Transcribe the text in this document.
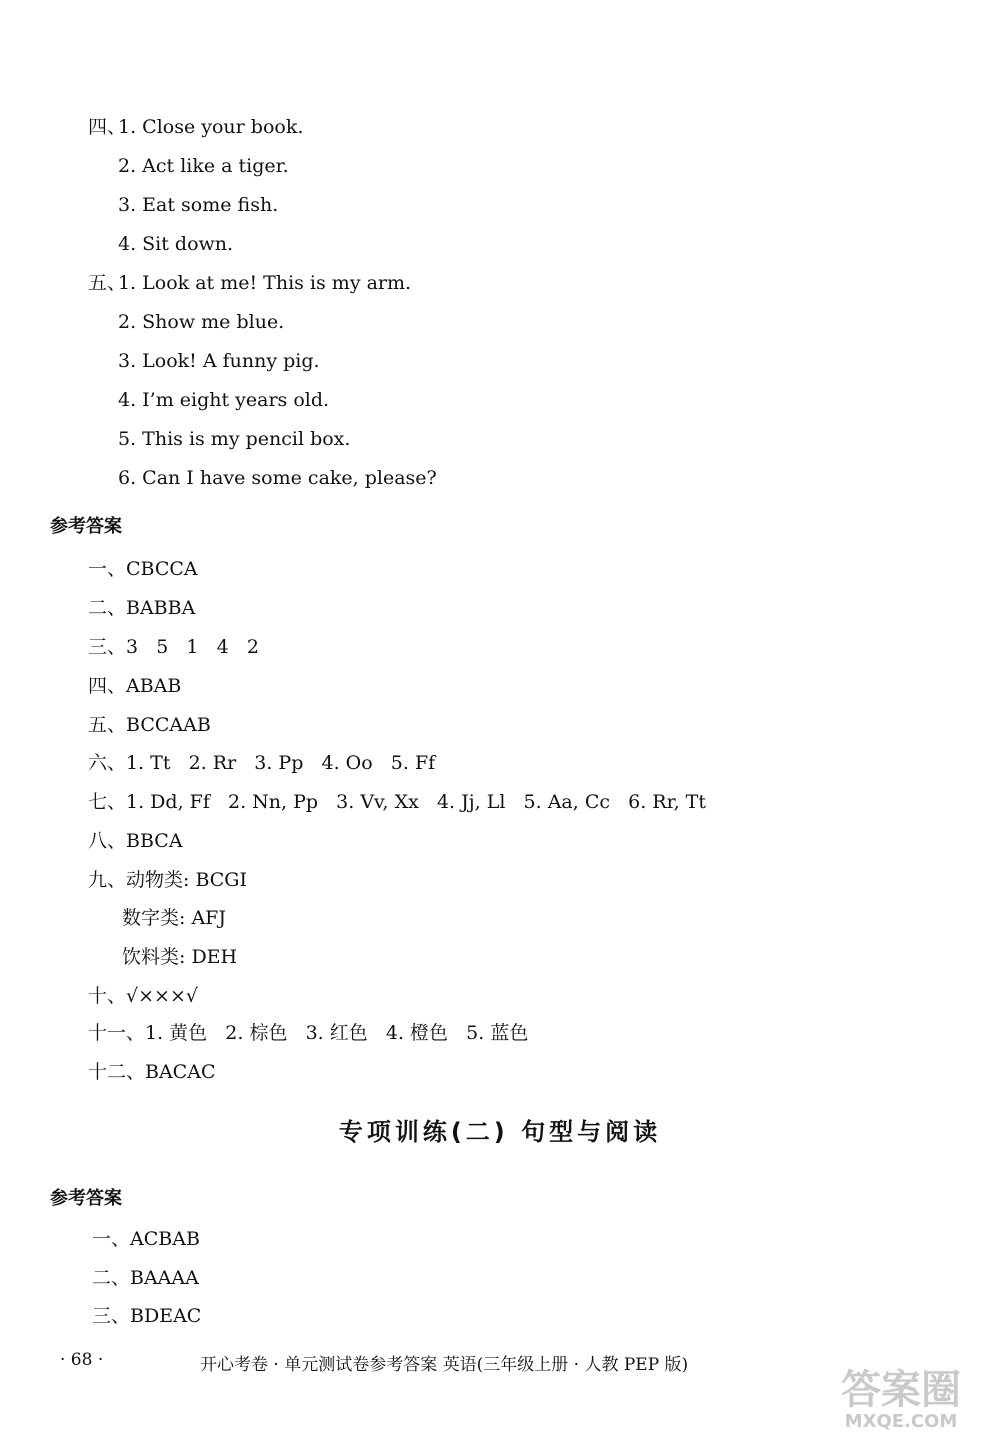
四、
1. Close your book.
2. Act like a tiger.
3. Eat some fish.
4. Sit down.
五、
1. Look at me! This is my arm.
2. Show me blue.
3. Look! A funny pig.
4. I’m eight years old.
5. This is my pencil box.
6. Can I have some cake, please?
参考答案
一、CBCCA
二、BABBA
三、3   5   1   4   2
四、ABAB
五、BCCAAB
六、1. Tt   2. Rr   3. Pp   4. Oo   5. Ff
七、1. Dd, Ff   2. Nn, Pp   3. Vv, Xx   4. Jj, Ll   5. Aa, Cc   6. Rr, Tt
八、BBCA
九、动物类: BCGI
数字类: AFJ
饮料类: DEH
十、√×××√
十一、1. 黄色   2. 棕色   3. 红色   4. 橙色   5. 蓝色
十二、BACAC
专项训练(二) 句型与阅读
参考答案
一、ACBAB
二、BAAAA
三、BDEAC
· 68 ·	开心考卷 · 单元测试卷参考答案 英语(三年级上册 · 人教 PEP 版)
答案圈
MXQE.COM
